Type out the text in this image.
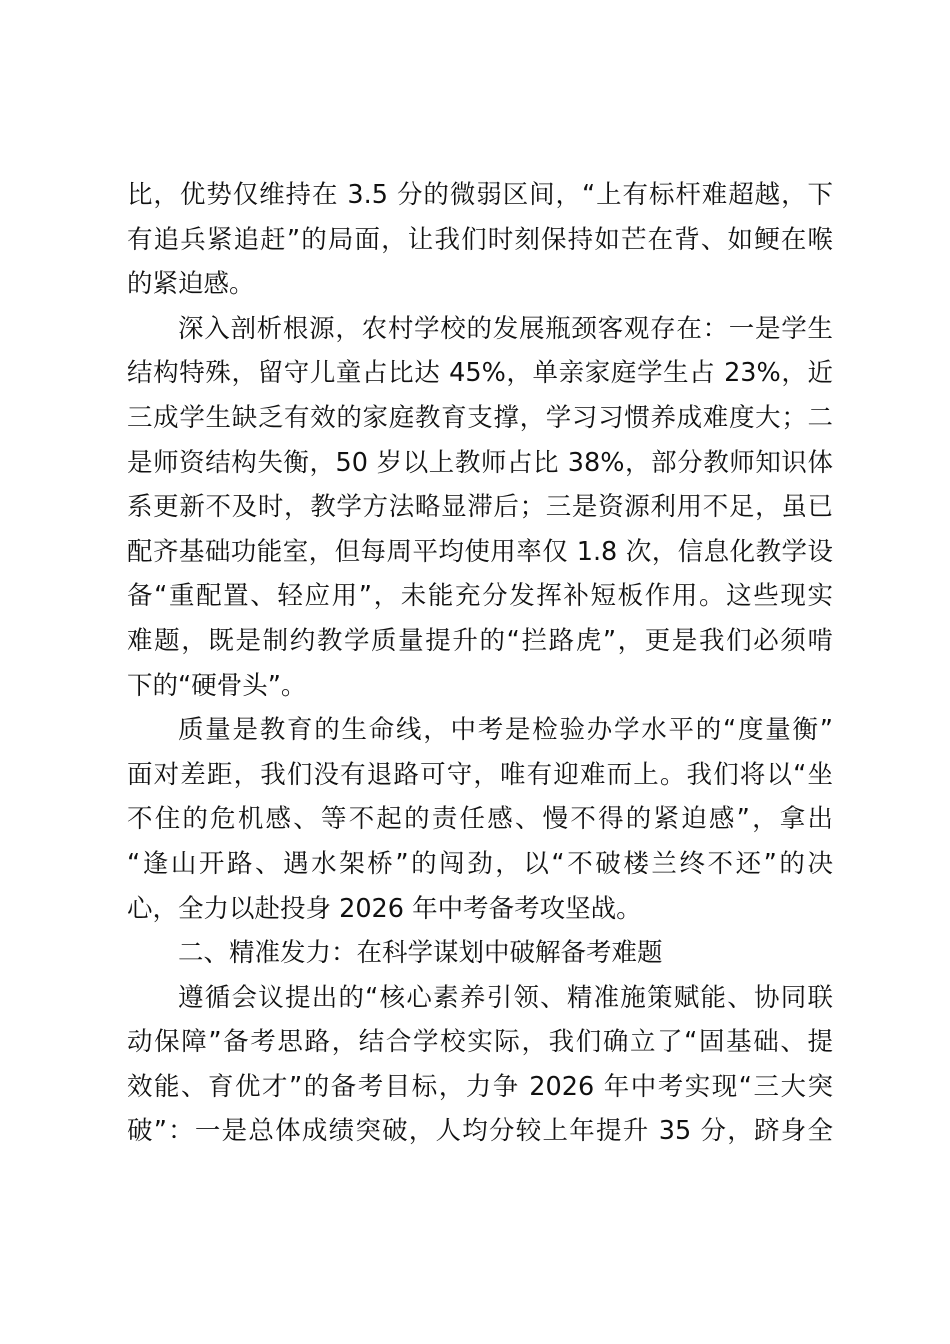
比，优势仅维持在 3.5 分的微弱区间，“上有标杆难超越，下
有追兵紧追赶”的局面，让我们时刻保持如芒在背、如鲠在喉
的紧迫感。
深入剖析根源，农村学校的发展瓶颈客观存在：一是学生
结构特殊，留守儿童占比达 45%，单亲家庭学生占 23%，近
三成学生缺乏有效的家庭教育支撑，学习习惯养成难度大；二
是师资结构失衡，50 岁以上教师占比 38%，部分教师知识体
系更新不及时，教学方法略显滞后；三是资源利用不足，虽已
配齐基础功能室，但每周平均使用率仅 1.8 次，信息化教学设
备“重配置、轻应用”，未能充分发挥补短板作用。这些现实
难题，既是制约教学质量提升的“拦路虎”，更是我们必须啃
下的“硬骨头”。
质量是教育的生命线，中考是检验办学水平的“度量衡”
面对差距，我们没有退路可守，唯有迎难而上。我们将以“坐
不住的危机感、等不起的责任感、慢不得的紧迫感”，拿出
“逢山开路、遇水架桥”的闯劲，以“不破楼兰终不还”的决
心，全力以赴投身 2026 年中考备考攻坚战。
二、精准发力：在科学谋划中破解备考难题
遵循会议提出的“核心素养引领、精准施策赋能、协同联
动保障”备考思路，结合学校实际，我们确立了“固基础、提
效能、育优才”的备考目标，力争 2026 年中考实现“三大突
破”：一是总体成绩突破，人均分较上年提升 35 分，跻身全
